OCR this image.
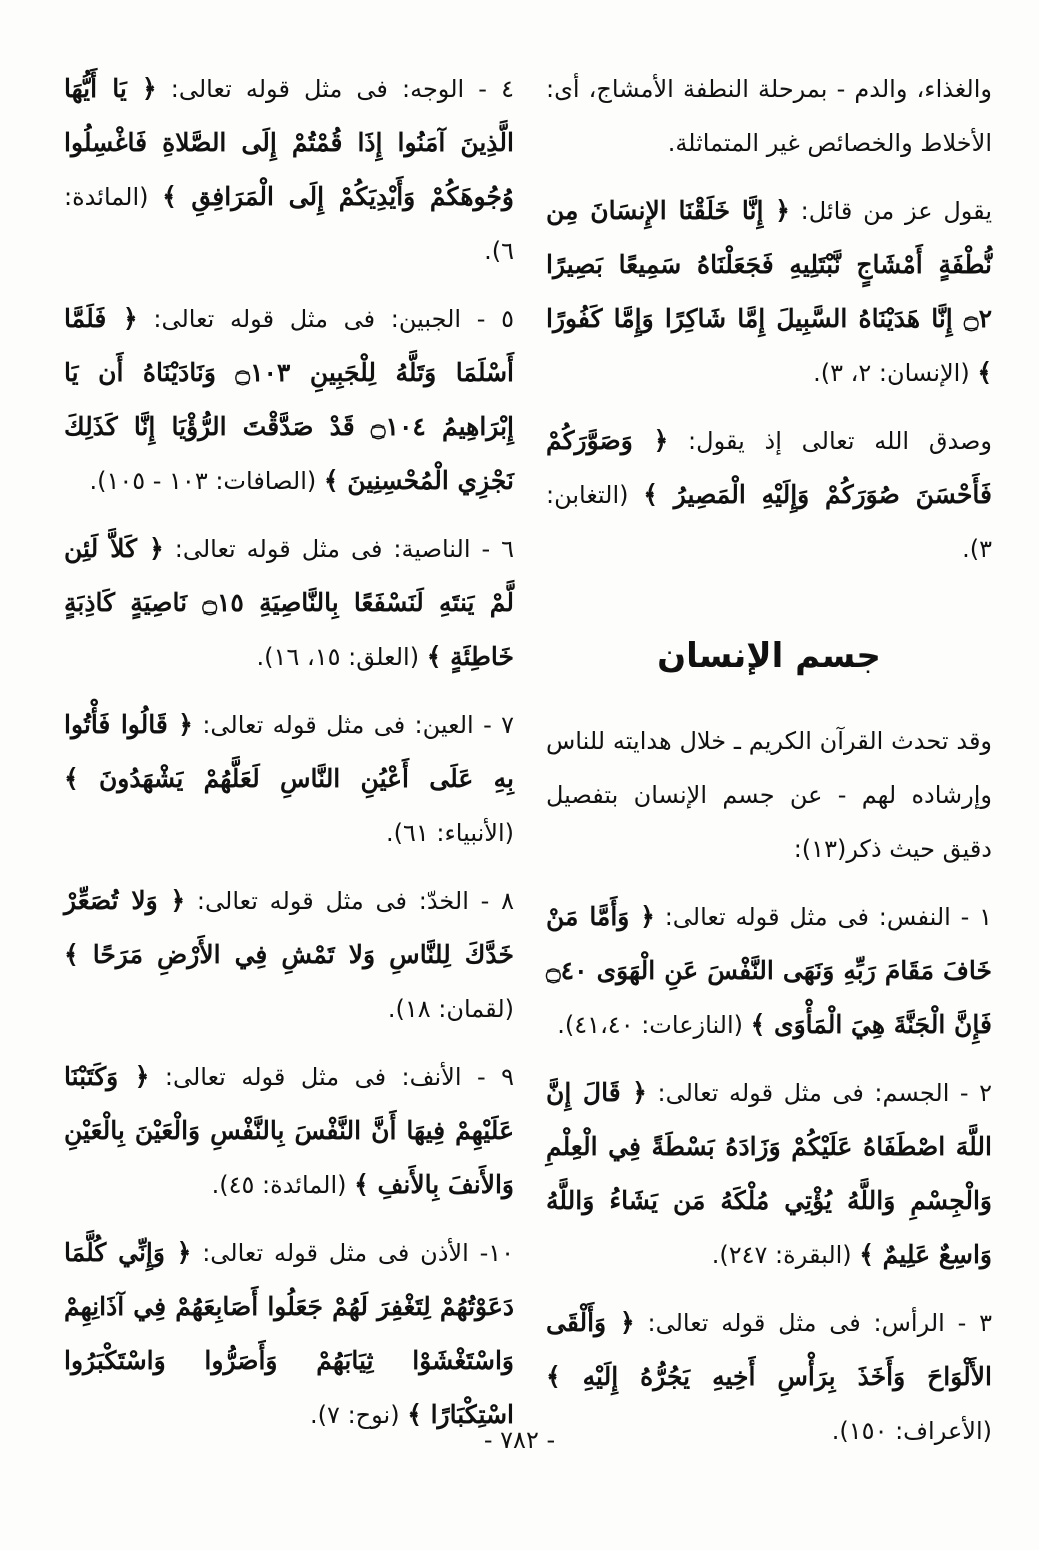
والغذاء، والدم - بمرحلة النطفة الأمشاج، أى: الأخلاط والخصائص غير المتماثلة.

يقول عز من قائل: ﴿ إِنَّا خَلَقْنَا الإِنسَانَ مِن نُّطْفَةٍ أَمْشَاجٍ نَّبْتَلِيهِ فَجَعَلْنَاهُ سَمِيعًا بَصِيرًا ۝٢ إِنَّا هَدَيْنَاهُ السَّبِيلَ إِمَّا شَاكِرًا وَإِمَّا كَفُورًا ﴾ (الإنسان: ٢، ٣).

وصدق الله تعالى إذ يقول: ﴿ وَصَوَّرَكُمْ فَأَحْسَنَ صُوَرَكُمْ وَإِلَيْهِ الْمَصِيرُ ﴾ (التغابن: ٣).

جسم الإنسان

وقد تحدث القرآن الكريم ـ خلال هدايته للناس وإرشاده لهم - عن جسم الإنسان بتفصيل دقيق حيث ذكر(١٣):

١ - النفس: فى مثل قوله تعالى: ﴿ وَأَمَّا مَنْ خَافَ مَقَامَ رَبِّهِ وَنَهَى النَّفْسَ عَنِ الْهَوَى ۝٤٠ فَإِنَّ الْجَنَّةَ هِيَ الْمَأْوَى ﴾ (النازعات: ٤١،٤٠).

٢ - الجسم: فى مثل قوله تعالى: ﴿ قَالَ إِنَّ اللَّهَ اصْطَفَاهُ عَلَيْكُمْ وَزَادَهُ بَسْطَةً فِي الْعِلْمِ وَالْجِسْمِ وَاللَّهُ يُؤْتِي مُلْكَهُ مَن يَشَاءُ وَاللَّهُ وَاسِعٌ عَلِيمٌ ﴾ (البقرة: ٢٤٧).

٣ - الرأس: فى مثل قوله تعالى: ﴿ وَأَلْقَى الأَلْوَاحَ وَأَخَذَ بِرَأْسِ أَخِيهِ يَجُرُّهُ إِلَيْهِ ﴾ (الأعراف: ١٥٠).

٤ - الوجه: فى مثل قوله تعالى: ﴿ يَا أَيُّهَا الَّذِينَ آمَنُوا إِذَا قُمْتُمْ إِلَى الصَّلاةِ فَاغْسِلُوا وُجُوهَكُمْ وَأَيْدِيَكُمْ إِلَى الْمَرَافِقِ ﴾ (المائدة: ٦).

٥ - الجبين: فى مثل قوله تعالى: ﴿ فَلَمَّا أَسْلَمَا وَتَلَّهُ لِلْجَبِينِ ۝١٠٣ وَنَادَيْنَاهُ أَن يَا إِبْرَاهِيمُ ۝١٠٤ قَدْ صَدَّقْتَ الرُّؤْيَا إِنَّا كَذَلِكَ نَجْزِي الْمُحْسِنِينَ ﴾ (الصافات: ١٠٣ - ١٠٥).

٦ - الناصية: فى مثل قوله تعالى: ﴿ كَلاَّ لَئِن لَّمْ يَنتَهِ لَنَسْفَعًا بِالنَّاصِيَةِ ۝١٥ نَاصِيَةٍ كَاذِبَةٍ خَاطِئَةٍ ﴾ (العلق: ١٥، ١٦).

٧ - العين: فى مثل قوله تعالى: ﴿ قَالُوا فَأْتُوا بِهِ عَلَى أَعْيُنِ النَّاسِ لَعَلَّهُمْ يَشْهَدُونَ ﴾ (الأنبياء: ٦١).

٨ - الخدّ: فى مثل قوله تعالى: ﴿ وَلا تُصَعِّرْ خَدَّكَ لِلنَّاسِ وَلا تَمْشِ فِي الأَرْضِ مَرَحًا ﴾ (لقمان: ١٨).

٩ - الأنف: فى مثل قوله تعالى: ﴿ وَكَتَبْنَا عَلَيْهِمْ فِيهَا أَنَّ النَّفْسَ بِالنَّفْسِ وَالْعَيْنَ بِالْعَيْنِ وَالأَنفَ بِالأَنفِ ﴾ (المائدة: ٤٥).

١٠- الأذن فى مثل قوله تعالى: ﴿ وَإِنِّي كُلَّمَا دَعَوْتُهُمْ لِتَغْفِرَ لَهُمْ جَعَلُوا أَصَابِعَهُمْ فِي آذَانِهِمْ وَاسْتَغْشَوْا ثِيَابَهُمْ وَأَصَرُّوا وَاسْتَكْبَرُوا اسْتِكْبَارًا ﴾ (نوح: ٧).

- ٧٨٢ -
